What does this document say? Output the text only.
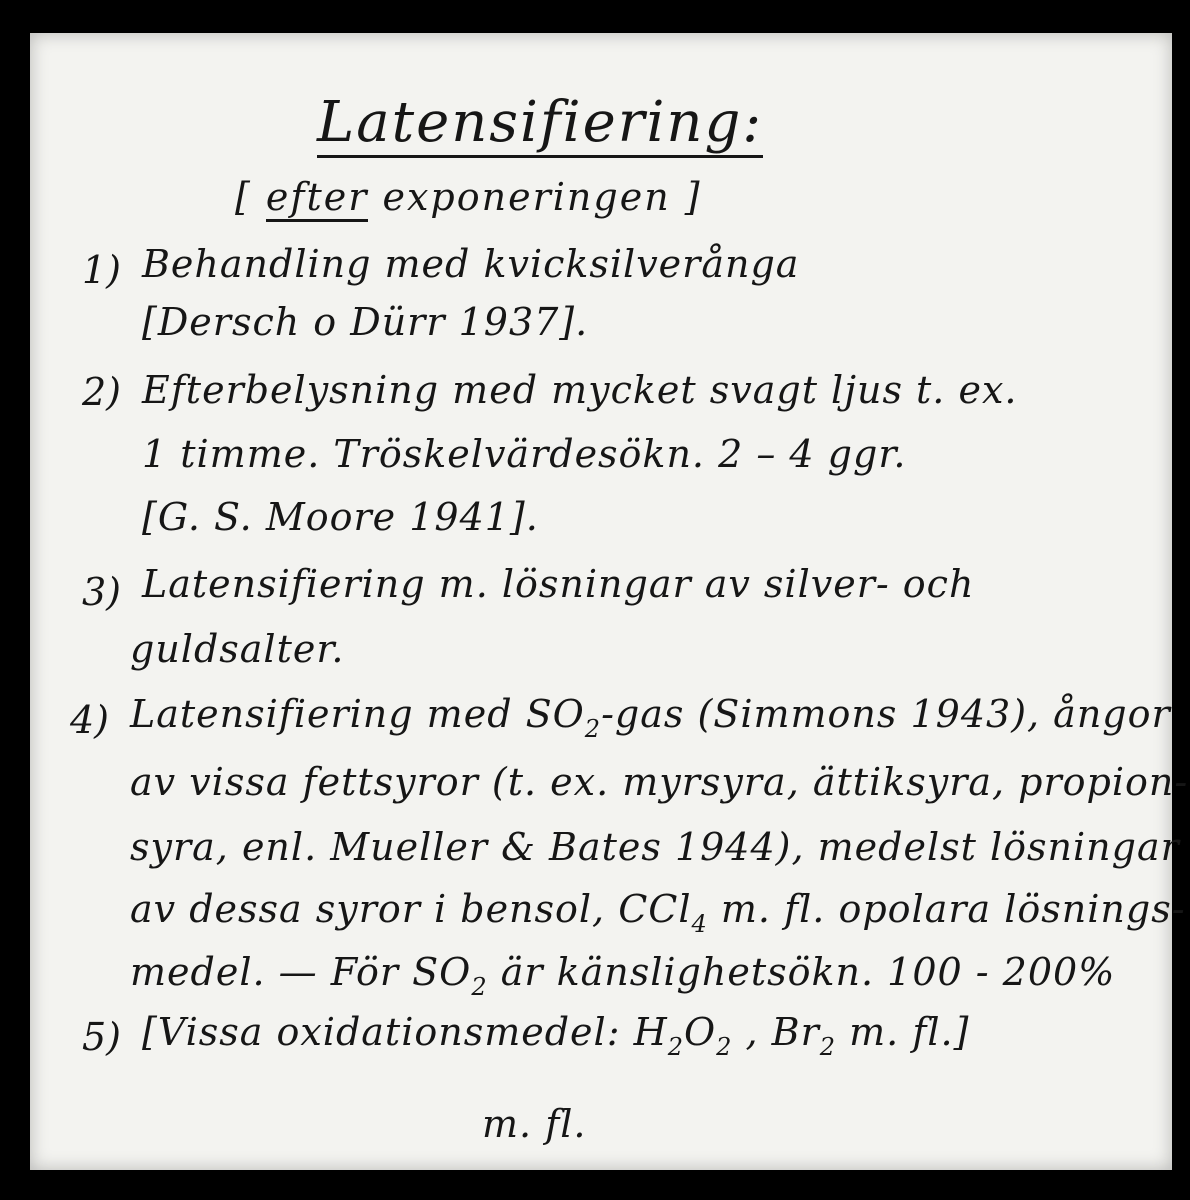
Latensifiering:
[ efter exponeringen ]
1) Behandling med kvicksilverånga
[Dersch o Dürr 1937].
2) Efterbelysning med mycket svagt ljus t. ex.
1 timme. Tröskelvärdesökn. 2 – 4 ggr.
[G. S. Moore 1941].
3) Latensifiering m. lösningar av silver- och
guldsalter.
4) Latensifiering med $SO_2$-gas (Simmons 1943), ångor
av vissa fettsyror (t. ex. myrsyra, ättiksyra, propion-
syra, enl. Mueller & Bates 1944), medelst lösningar
av dessa syror i bensol, CCl$_4$ m. fl. opolara lösnings-
medel. — För $SO_2$ är känslighetsökn. 100 - 200%
5) [Vissa oxidationsmedel: $H_2O_2$ , $Br_2$ m. fl.]
m. fl.
